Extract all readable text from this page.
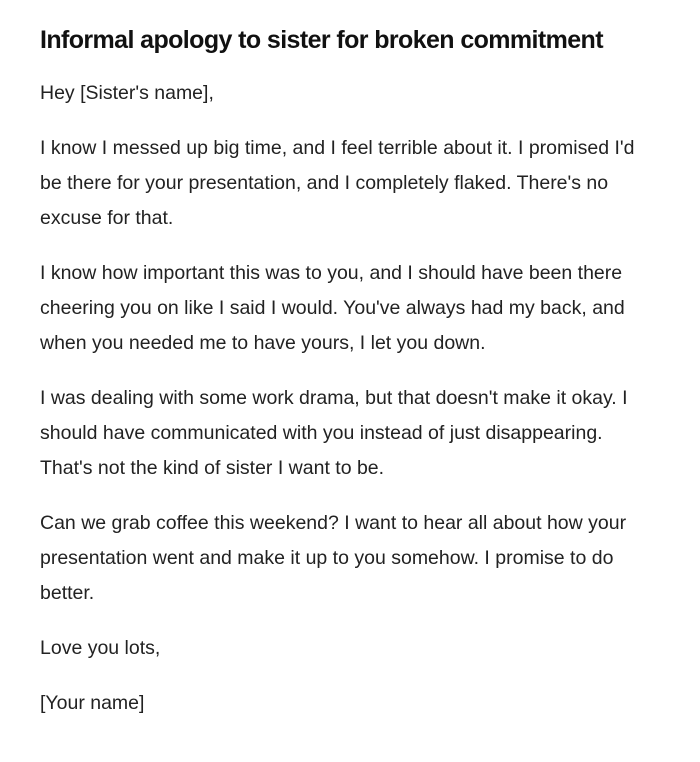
Informal apology to sister for broken commitment

Hey [Sister's name],

I know I messed up big time, and I feel terrible about it. I promised I'd be there for your presentation, and I completely flaked. There's no excuse for that.

I know how important this was to you, and I should have been there cheering you on like I said I would. You've always had my back, and when you needed me to have yours, I let you down.

I was dealing with some work drama, but that doesn't make it okay. I should have communicated with you instead of just disappearing. That's not the kind of sister I want to be.

Can we grab coffee this weekend? I want to hear all about how your presentation went and make it up to you somehow. I promise to do better.

Love you lots,

[Your name]
